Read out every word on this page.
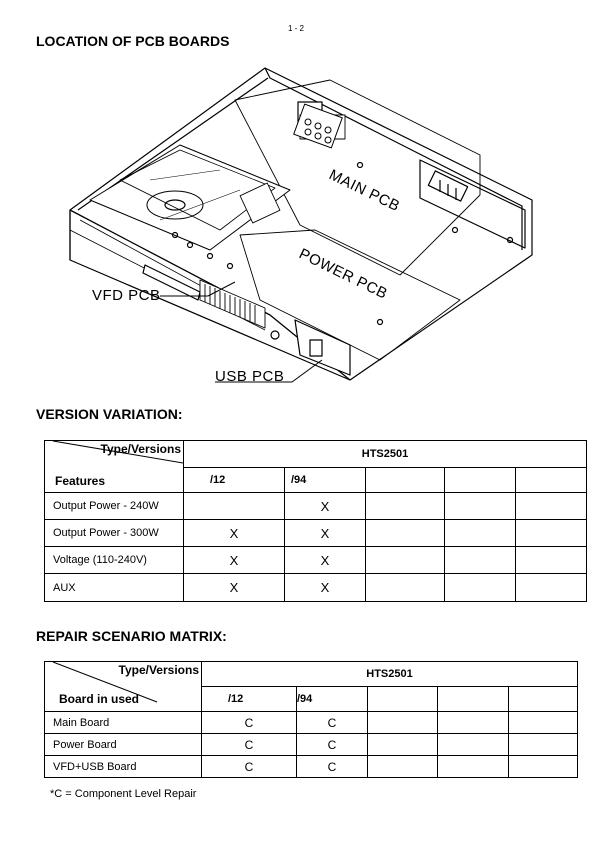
1 - 2
LOCATION OF PCB BOARDS
MAIN PCB
POWER PCB
VFD PCB
USB PCB
VERSION VARIATION:
Type/Versions
Features	HTS2501				
	/12	/94			
Output Power - 240W		X			
Output Power - 300W	X	X			
Voltage (110-240V)	X	X			
AUX	X	X			
REPAIR SCENARIO MATRIX:
Type/Versions
Board in used	HTS2501				
	/12	/94			
Main Board	C	C			
Power Board	C	C			
VFD+USB Board	C	C			
*C = Component Level Repair
